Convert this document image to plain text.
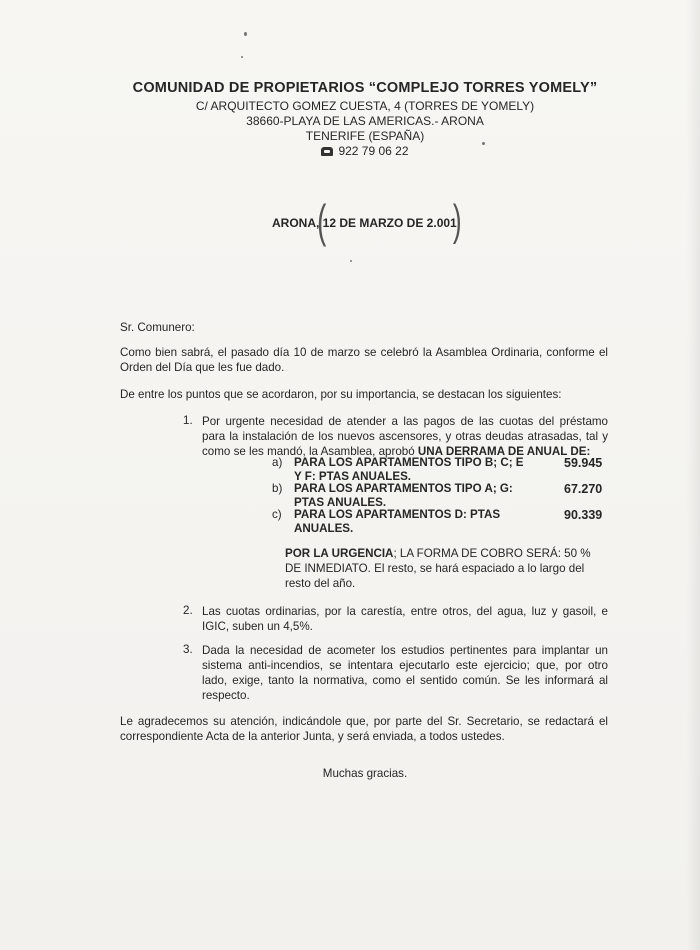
COMUNIDAD DE PROPIETARIOS “COMPLEJO TORRES YOMELY”
C/ ARQUITECTO GOMEZ CUESTA, 4 (TORRES DE YOMELY)
38660-PLAYA DE LAS AMERICAS.- ARONA
TENERIFE (ESPAÑA)
922 79 06 22
(
ARONA, 12 DE MARZO DE 2.001
)
Sr. Comunero:
Como bien sabrá, el pasado día 10 de marzo se celebró la Asamblea Ordinaria, conforme el Orden del Día que les fue dado.
De entre los puntos que se acordaron, por su importancia, se destacan los siguientes:
1. Por urgente necesidad de atender a las pagos de las cuotas del préstamo para la instalación de los nuevos ascensores, y otras deudas atrasadas, tal y como se les mandó, la Asamblea, aprobó UNA DERRAMA DE ANUAL DE:
a) PARA LOS APARTAMENTOS TIPO B; C; E Y F: PTAS ANUALES.
59.945
b) PARA LOS APARTAMENTOS TIPO A; G: PTAS ANUALES.
67.270
c) PARA LOS APARTAMENTOS D: PTAS ANUALES.
90.339
POR LA URGENCIA; LA FORMA DE COBRO SERÁ: 50 % DE INMEDIATO. El resto, se hará espaciado a lo largo del resto del año.
2. Las cuotas ordinarias, por la carestía, entre otros, del agua, luz y gasoil, e IGIC, suben un 4,5%.
3. Dada la necesidad de acometer los estudios pertinentes para implantar un sistema anti-incendios, se intentara ejecutarlo este ejercicio; que, por otro lado, exige, tanto la normativa, como el sentido común. Se les informará al respecto.
Le agradecemos su atención, indicándole que, por parte del Sr. Secretario, se redactará el correspondiente Acta de la anterior Junta, y será enviada, a todos ustedes.
Muchas gracias.
